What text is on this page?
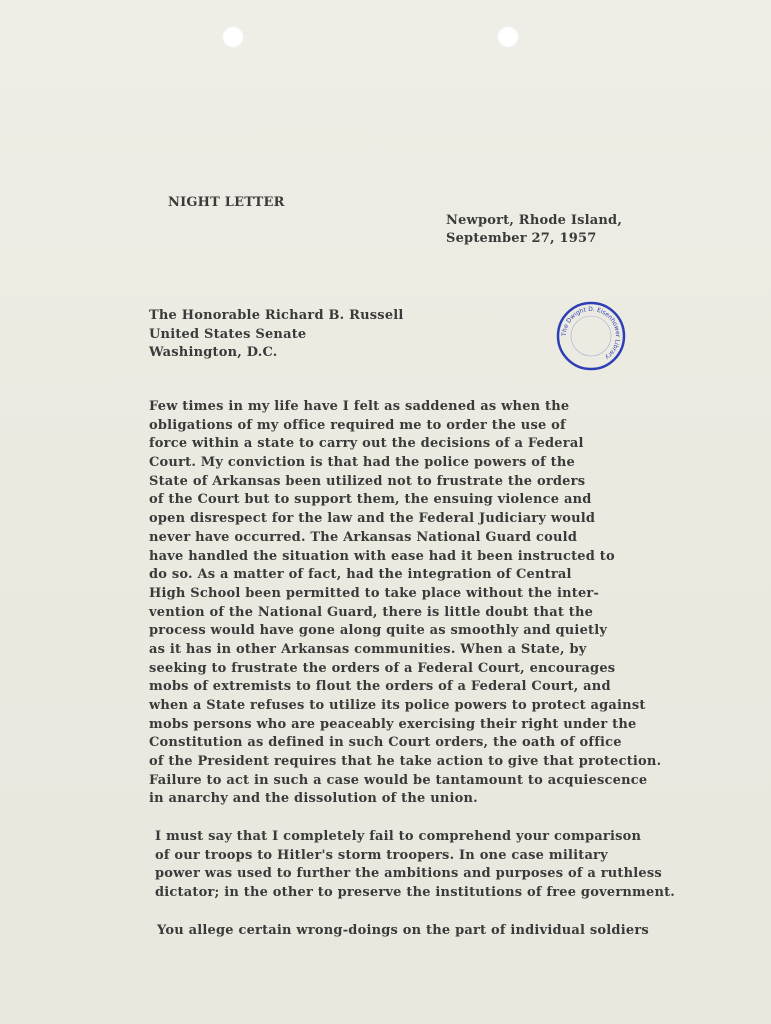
NIGHT LETTER
Newport, Rhode Island,
September 27, 1957
The Honorable Richard B. Russell
United States Senate
Washington, D.C.
The Dwight D. Eisenhower Library
Few times in my life have I felt as saddened as when the
obligations of my office required me to order the use of
force within a state to carry out the decisions of a Federal
Court. My conviction is that had the police powers of the
State of Arkansas been utilized not to frustrate the orders
of the Court but to support them, the ensuing violence and
open disrespect for the law and the Federal Judiciary would
never have occurred. The Arkansas National Guard could
have handled the situation with ease had it been instructed to
do so. As a matter of fact, had the integration of Central
High School been permitted to take place without the inter-
vention of the National Guard, there is little doubt that the
process would have gone along quite as smoothly and quietly
as it has in other Arkansas communities. When a State, by
seeking to frustrate the orders of a Federal Court, encourages
mobs of extremists to flout the orders of a Federal Court, and
when a State refuses to utilize its police powers to protect against
mobs persons who are peaceably exercising their right under the
Constitution as defined in such Court orders, the oath of office
of the President requires that he take action to give that protection.
Failure to act in such a case would be tantamount to acquiescence
in anarchy and the dissolution of the union.
I must say that I completely fail to comprehend your comparison
of our troops to Hitler's storm troopers. In one case military
power was used to further the ambitions and purposes of a ruthless
dictator; in the other to preserve the institutions of free government.
You allege certain wrong-doings on the part of individual soldiers
